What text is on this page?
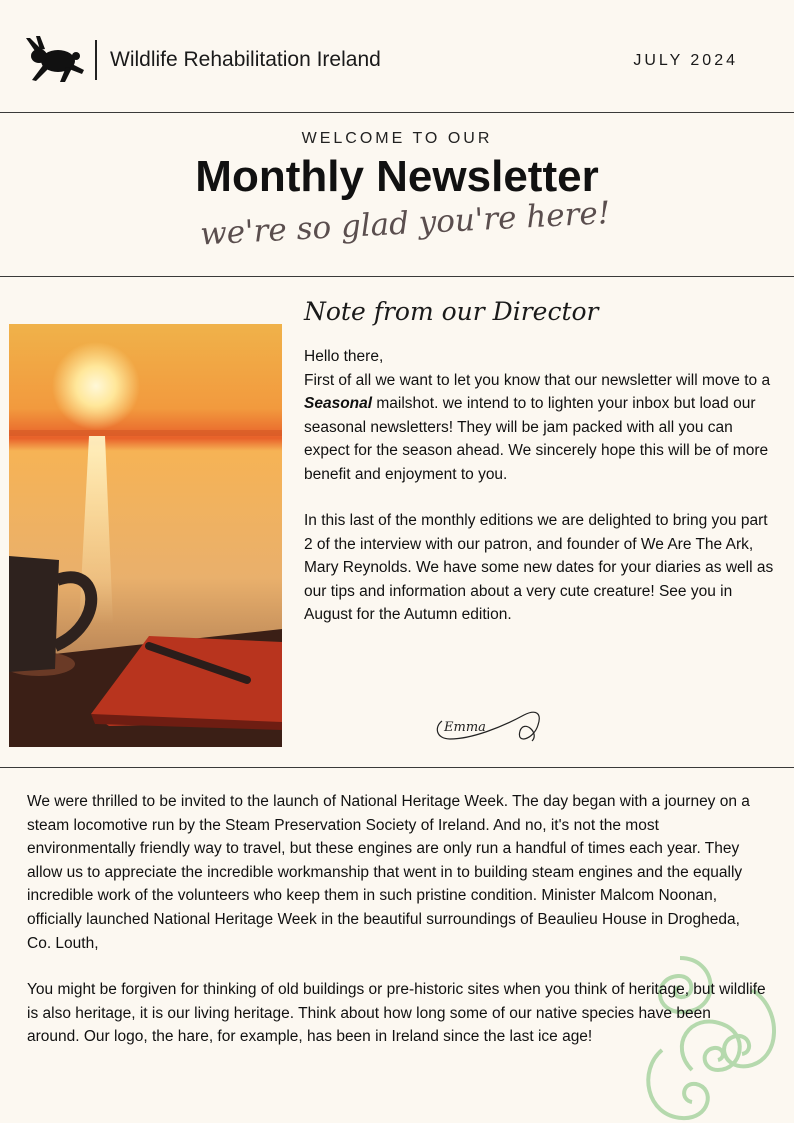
Wildlife Rehabilitation Ireland	JULY 2024
WELCOME TO OUR
Monthly Newsletter
we're so glad you're here!
Note from our Director

Hello there,

First of all we want to let you know that our newsletter will move to a Seasonal mailshot. we intend to to lighten your inbox but load our seasonal newsletters! They will be jam packed with all you can expect for the season ahead. We sincerely hope this will be of more benefit and enjoyment to you.

In this last of the monthly editions we are delighted to bring you part 2 of the interview with our patron, and founder of We Are The Ark, Mary Reynolds. We have some new dates for your diaries as well as our tips and information about a very cute creature! See you in August for the Autumn edition.

Emma

We were thrilled to be invited to the launch of National Heritage Week. The day began with a journey on a steam locomotive run by the Steam Preservation Society of Ireland. And no, it's not the most environmentally friendly way to travel, but these engines are only run a handful of times each year. They allow us to appreciate the incredible workmanship that went in to building steam engines and the equally incredible work of the volunteers who keep them in such pristine condition. Minister Malcom Noonan, officially launched National Heritage Week in the beautiful surroundings of Beaulieu House in Drogheda, Co. Louth,

You might be forgiven for thinking of old buildings or pre-historic sites when you think of heritage, but wildlife is also heritage, it is our living heritage. Think about how long some of our native species have been around. Our logo, the hare, for example, has been in Ireland since the last ice age!
